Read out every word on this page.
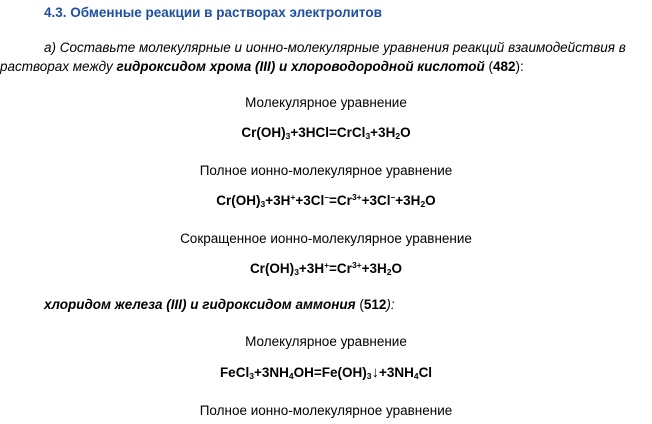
4.3. Обменные реакции в растворах электролитов
а) Составьте молекулярные и ионно-молекулярные уравнения реакций взаимодействия в
растворах между гидроксидом хрома (III) и хлороводородной кислотой (482):
Молекулярное уравнение
$Cr(OH)_3+3HCl=CrCl_3+3H_2O$
Полное ионно-молекулярное уравнение
$Cr(OH)_3+3H^++3Cl^-=Cr^{3+}+3Cl^-+3H_2O$
Сокращенное ионно-молекулярное уравнение
$Cr(OH)_3+3H^+=Cr^{3+}+3H_2O$
хлоридом железа (III) и гидроксидом аммония (512):
Молекулярное уравнение
$FeCl_3+3NH_4OH=Fe(OH)_3↓+3NH_4Cl$
Полное ионно-молекулярное уравнение
